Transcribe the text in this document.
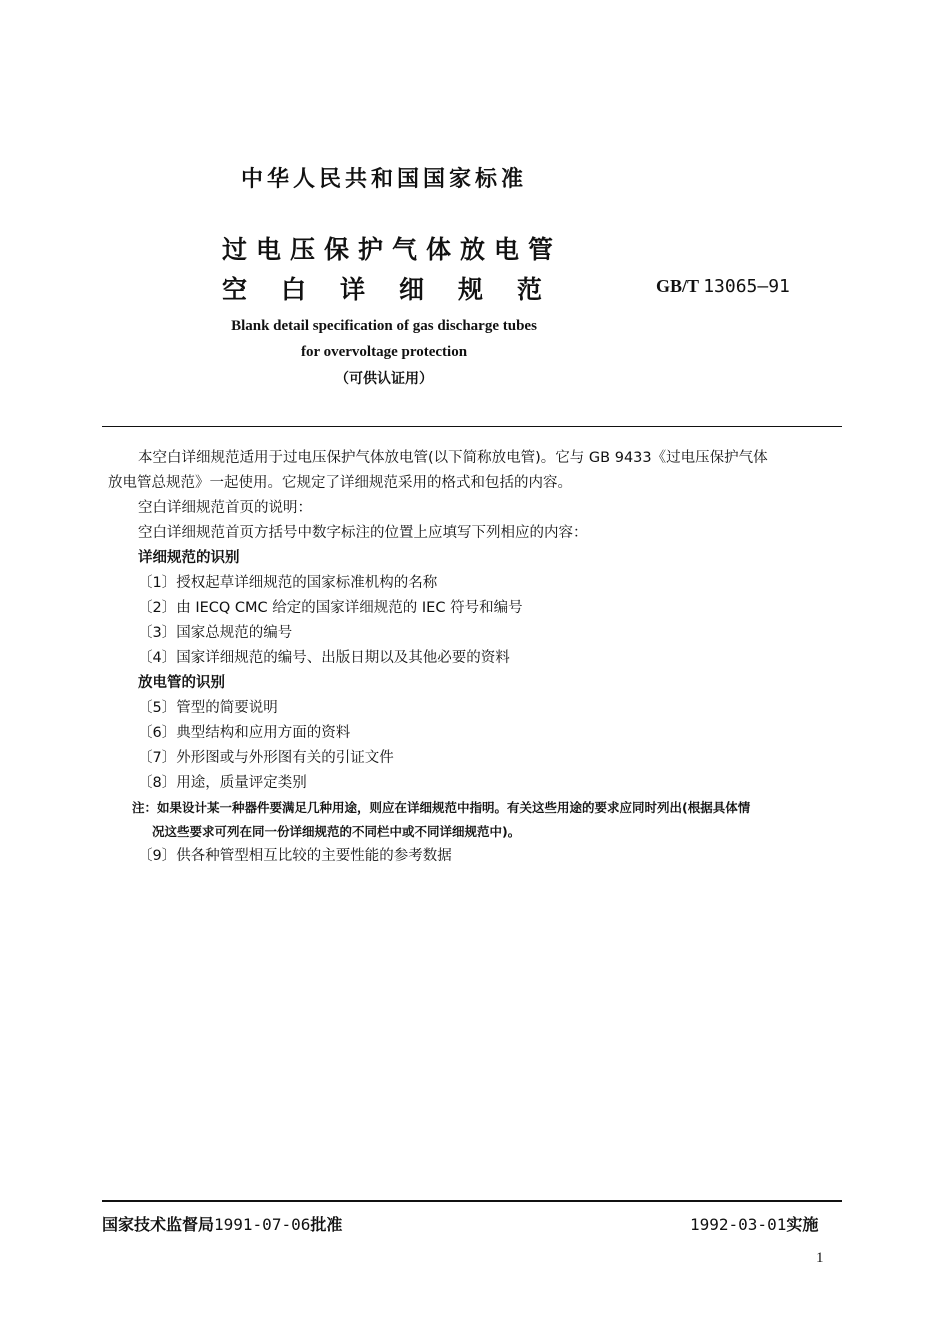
中华人民共和国国家标准
过电压保护气体放电管
空白详细规范	GB/T 13065—91
Blank detail specification of gas discharge tubes
for overvoltage protection
（可供认证用）

本空白详细规范适用于过电压保护气体放电管(以下简称放电管)。它与 GB 9433《过电压保护气体

放电管总规范》一起使用。它规定了详细规范采用的格式和包括的内容。

空白详细规范首页的说明：

空白详细规范首页方括号中数字标注的位置上应填写下列相应的内容：

详细规范的识别

〔1〕授权起草详细规范的国家标准机构的名称

〔2〕由 IECQ CMC 给定的国家详细规范的 IEC 符号和编号

〔3〕国家总规范的编号

〔4〕国家详细规范的编号、出版日期以及其他必要的资料

放电管的识别

〔5〕管型的简要说明

〔6〕典型结构和应用方面的资料

〔7〕外形图或与外形图有关的引证文件

〔8〕用途，质量评定类别

注：如果设计某一种器件要满足几种用途，则应在详细规范中指明。有关这些用途的要求应同时列出(根据具体情

况这些要求可列在同一份详细规范的不同栏中或不同详细规范中)。

〔9〕供各种管型相互比较的主要性能的参考数据

国家技术监督局1991-07-06批准	1992-03-01实施
1
